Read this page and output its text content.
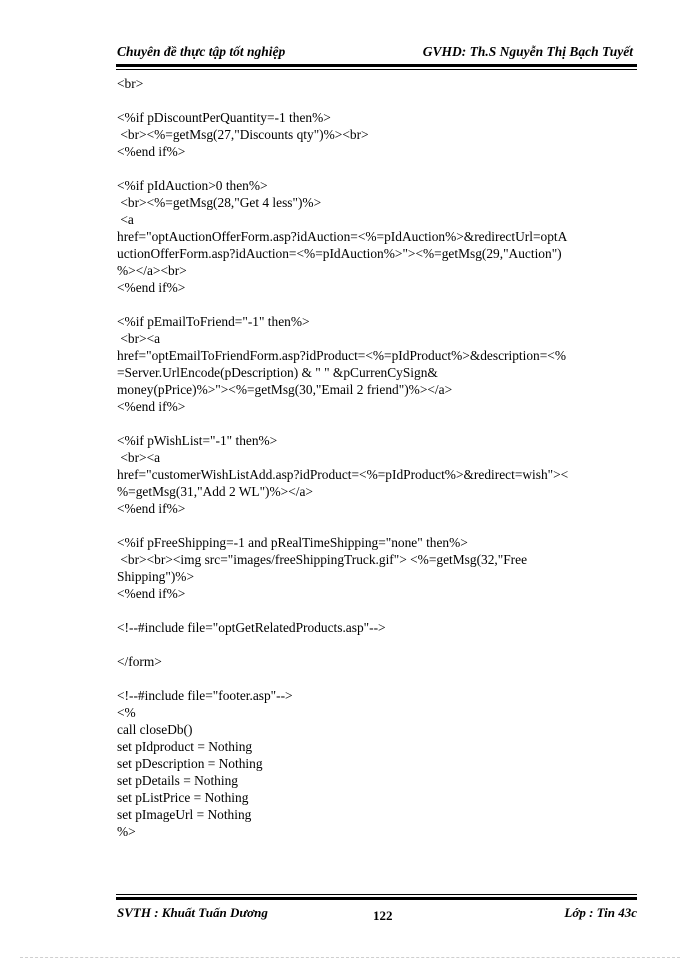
Chuyên đề thực tập tốt nghiệp	GVHD: Th.S Nguyễn Thị Bạch Tuyết
<br>
<%if pDiscountPerQuantity=-1 then%>
<br><%=getMsg(27,"Discounts qty")%><br>
<%end if%>
<%if pIdAuction>0 then%>
<br><%=getMsg(28,"Get 4 less")%>
<a
href="optAuctionOfferForm.asp?idAuction=<%=pIdAuction%>&redirectUrl=optA
uctionOfferForm.asp?idAuction=<%=pIdAuction%>"><%=getMsg(29,"Auction")
%></a><br>
<%end if%>
<%if pEmailToFriend="-1" then%>
<br><a
href="optEmailToFriendForm.asp?idProduct=<%=pIdProduct%>&description=<%
=Server.UrlEncode(pDescription) & " " &pCurrenCySign&
money(pPrice)%>"><%=getMsg(30,"Email 2 friend")%></a>
<%end if%>
<%if pWishList="-1" then%>
<br><a
href="customerWishListAdd.asp?idProduct=<%=pIdProduct%>&redirect=wish"><
%=getMsg(31,"Add 2 WL")%></a>
<%end if%>
<%if pFreeShipping=-1 and pRealTimeShipping="none" then%>
<br><br><img src="images/freeShippingTruck.gif"> <%=getMsg(32,"Free
Shipping")%>
<%end if%>
<!--#include file="optGetRelatedProducts.asp"-->
</form>
<!--#include file="footer.asp"-->
<%
call closeDb()
set pIdproduct = Nothing
set pDescription = Nothing
set pDetails = Nothing
set pListPrice = Nothing
set pImageUrl = Nothing
%>
SVTH : Khuất Tuấn Dương	122	Lớp : Tin 43c
